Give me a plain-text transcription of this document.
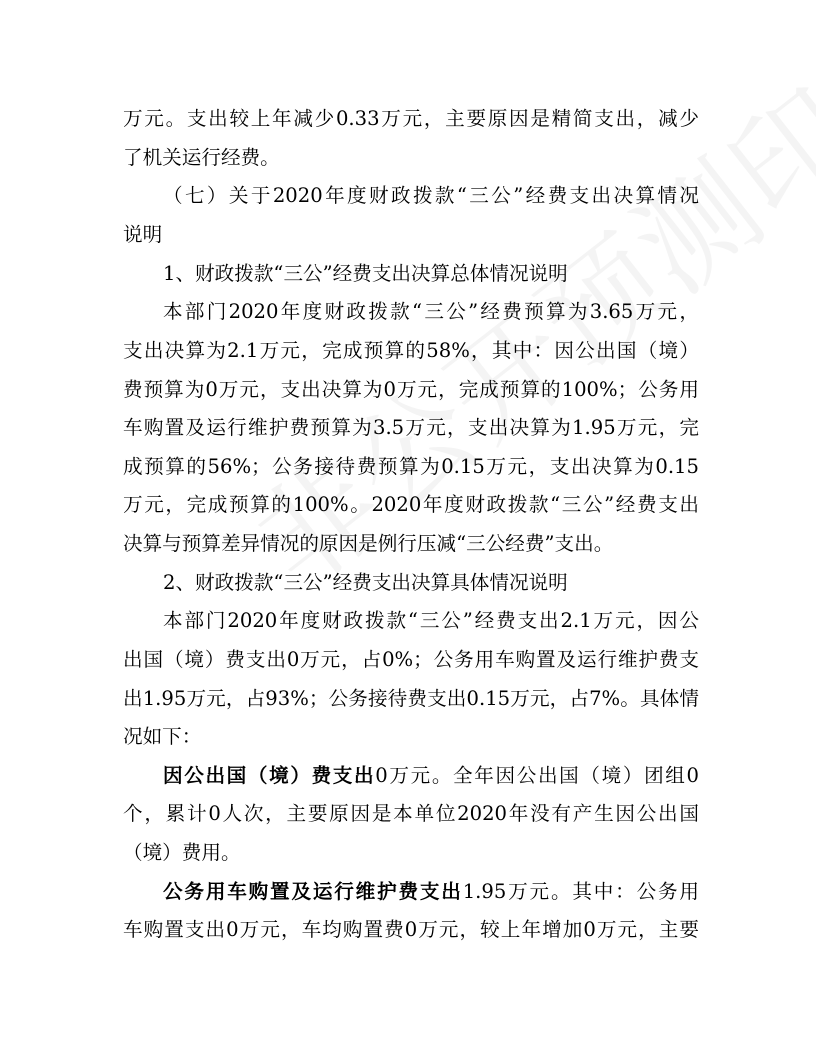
万元。支出较上年减少0.33万元，主要原因是精简支出，减少
了机关运行经费。
（七）关于2020年度财政拨款“三公”经费支出决算情况
说明
1、财政拨款“三公”经费支出决算总体情况说明
本部门2020年度财政拨款“三公”经费预算为3.65万元，
支出决算为2.1万元，完成预算的58%，其中：因公出国（境）
费预算为0万元，支出决算为0万元，完成预算的100%；公务用
车购置及运行维护费预算为3.5万元，支出决算为1.95万元，完
成预算的56%；公务接待费预算为0.15万元，支出决算为0.15
万元，完成预算的100%。2020年度财政拨款“三公”经费支出
决算与预算差异情况的原因是例行压减“三公经费”支出。
2、财政拨款“三公”经费支出决算具体情况说明
本部门2020年度财政拨款“三公”经费支出2.1万元，因公
出国（境）费支出0万元，占0%；公务用车购置及运行维护费支
出1.95万元，占93%；公务接待费支出0.15万元，占7%。具体情
况如下：
因公出国（境）费支出0万元。全年因公出国（境）团组0
个，累计0人次，主要原因是本单位2020年没有产生因公出国
（境）费用。
公务用车购置及运行维护费支出1.95万元。其中：公务用
车购置支出0万元，车均购置费0万元，较上年增加0万元，主要
